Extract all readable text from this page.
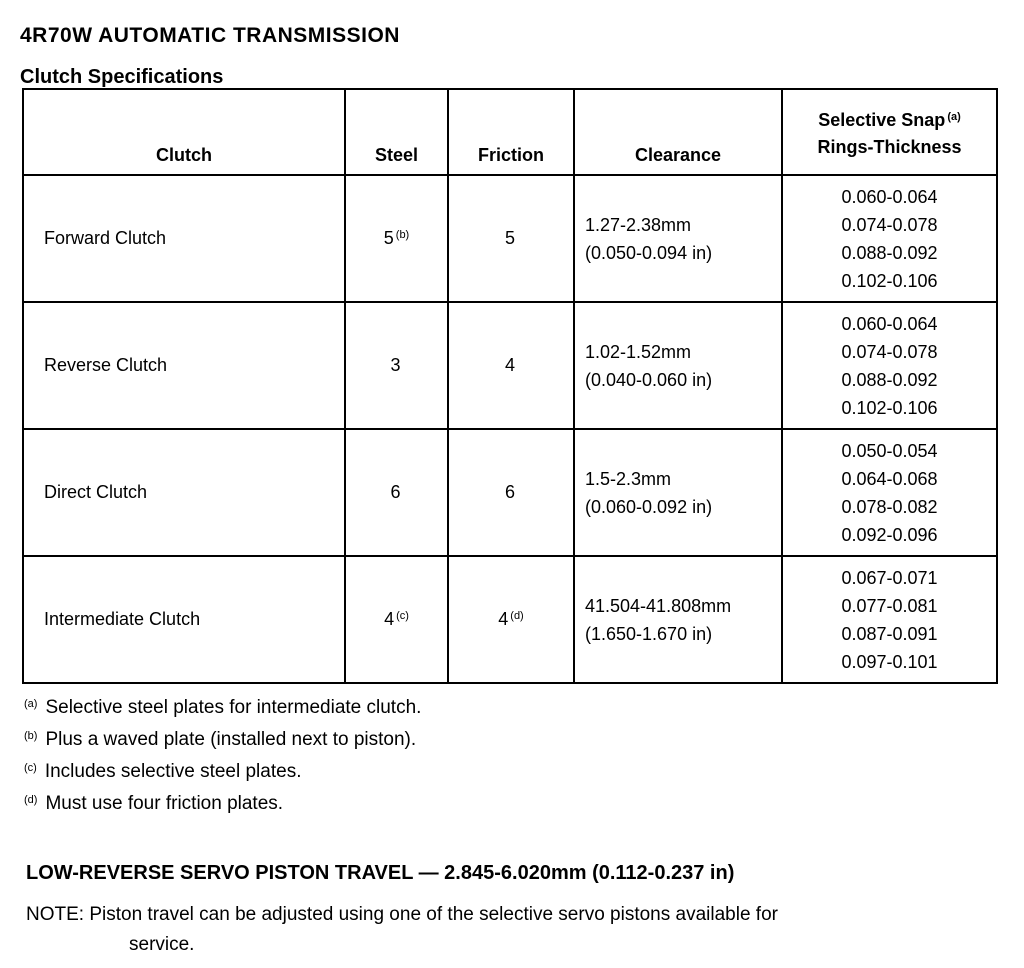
4R70W AUTOMATIC TRANSMISSION
Clutch Specifications
Clutch	Steel	Friction	Clearance	Selective Snap $^{(a)}$
Rings-Thickness
Forward Clutch	5 $^{(b)}$	5	1.27-2.38mm
(0.050-0.094 in)	0.060-0.064
0.074-0.078
0.088-0.092
0.102-0.106
Reverse Clutch	3	4	1.02-1.52mm
(0.040-0.060 in)	0.060-0.064
0.074-0.078
0.088-0.092
0.102-0.106
Direct Clutch	6	6	1.5-2.3mm
(0.060-0.092 in)	0.050-0.054
0.064-0.068
0.078-0.082
0.092-0.096
Intermediate Clutch	4 $^{(c)}$	4 $^{(d)}$	41.504-41.808mm
(1.650-1.670 in)	0.067-0.071
0.077-0.081
0.087-0.091
0.097-0.101
$^{(a)}$ Selective steel plates for intermediate clutch.
$^{(b)}$ Plus a waved plate (installed next to piston).
$^{(c)}$ Includes selective steel plates.
$^{(d)}$ Must use four friction plates.
LOW-REVERSE SERVO PISTON TRAVEL — 2.845-6.020mm (0.112-0.237 in)
NOTE: Piston travel can be adjusted using one of the selective servo pistons available for
service.
